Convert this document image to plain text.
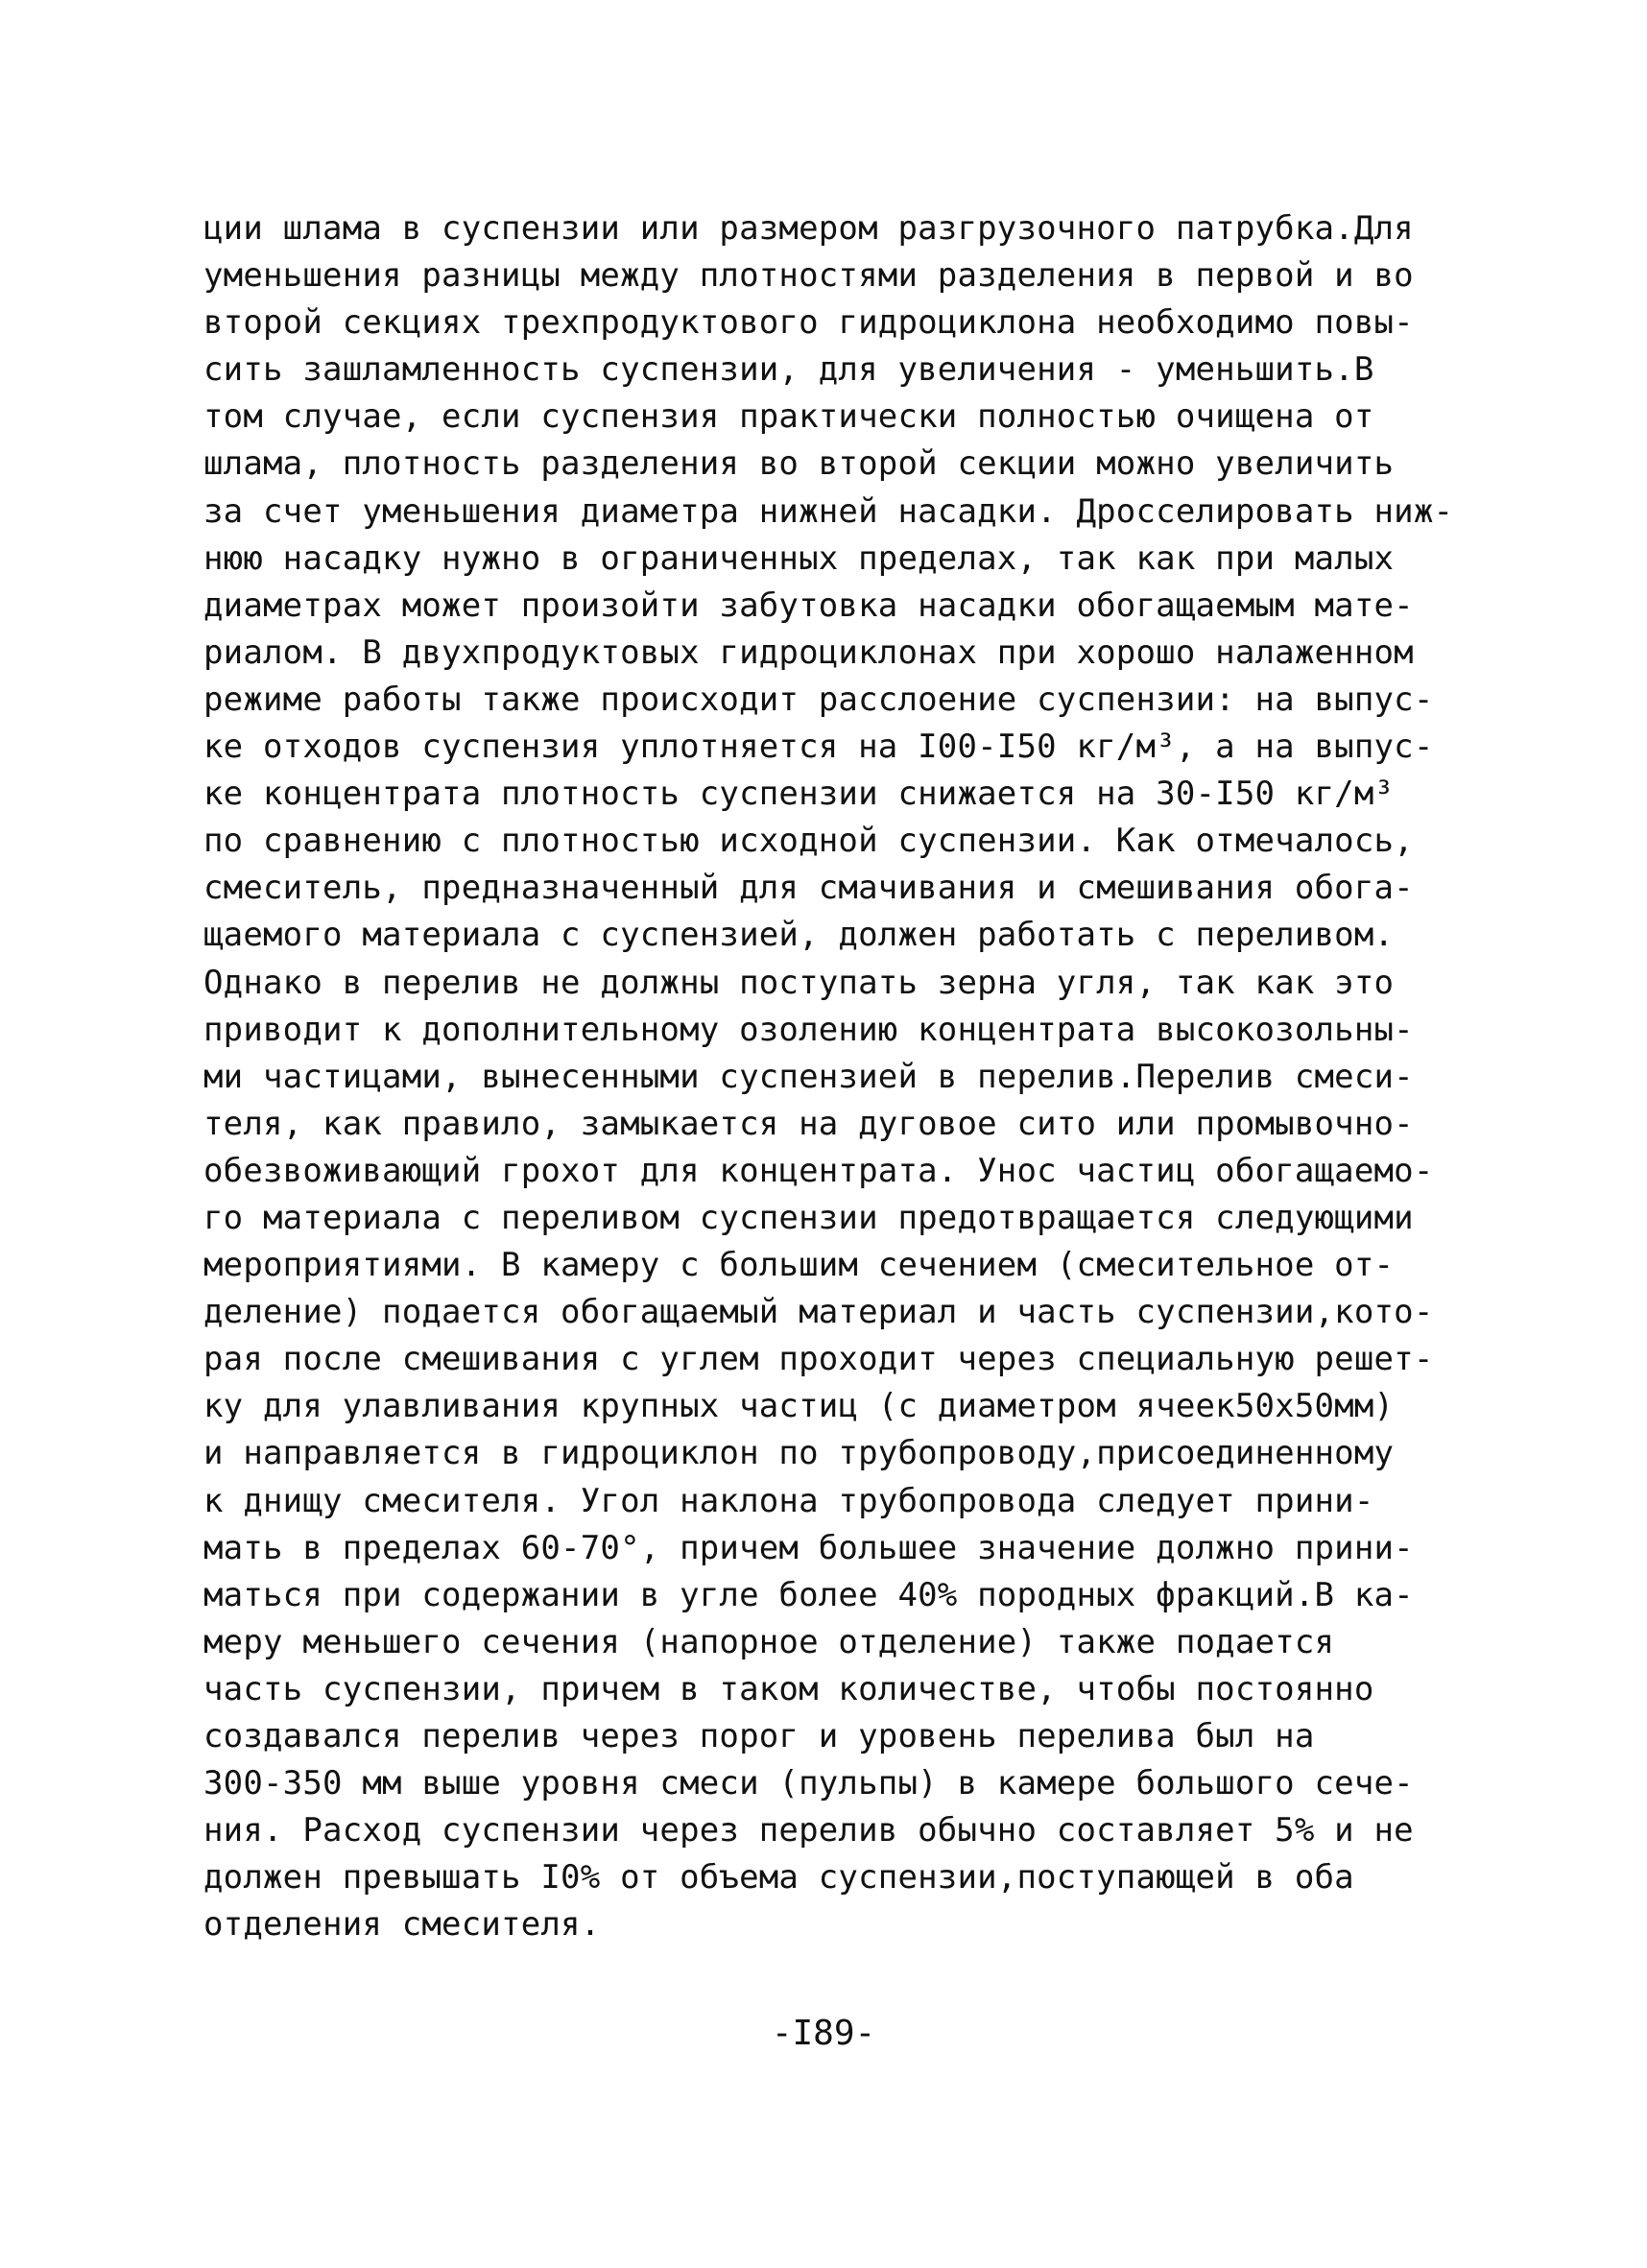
ции шлама в суспензии или размером разгрузочного патрубка.Для
уменьшения разницы между плотностями разделения в первой и во
второй секциях трехпродуктового гидроциклона необходимо повы-
сить зашламленность суспензии, для увеличения - уменьшить.В
том случае, если суспензия практически полностью очищена от
шлама, плотность разделения во второй секции можно увеличить
за счет уменьшения диаметра нижней насадки. Дросселировать ниж-
нюю насадку нужно в ограниченных пределах, так как при малых
диаметрах может произойти забутовка насадки обогащаемым мате-
риалом. В двухпродуктовых гидроциклонах при хорошо налаженном
режиме работы также происходит расслоение суспензии: на выпус-
ке отходов суспензия уплотняется на I00-I50 кг/м³, а на выпус-
ке концентрата плотность суспензии снижается на 30-I50 кг/м³
по сравнению с плотностью исходной суспензии. Как отмечалось,
смеситель, предназначенный для смачивания и смешивания обога-
щаемого материала с суспензией, должен работать с переливом.
Однако в перелив не должны поступать зерна угля, так как это
приводит к дополнительному озолению концентрата высокозольны-
ми частицами, вынесенными суспензией в перелив.Перелив смеси-
теля, как правило, замыкается на дуговое сито или промывочно-
обезвоживающий грохот для концентрата. Унос частиц обогащаемо-
го материала с переливом суспензии предотвращается следующими
мероприятиями. В камеру с большим сечением (смесительное от-
деление) подается обогащаемый материал и часть суспензии,кото-
рая после смешивания с углем проходит через специальную решет-
ку для улавливания крупных частиц (с диаметром ячеек50х50мм)
и направляется в гидроциклон по трубопроводу,присоединенному
к днищу смесителя. Угол наклона трубопровода следует прини-
мать в пределах 60-70°, причем большее значение должно прини-
маться при содержании в угле более 40% породных фракций.В ка-
меру меньшего сечения (напорное отделение) также подается
часть суспензии, причем в таком количестве, чтобы постоянно
создавался перелив через порог и уровень перелива был на
300-350 мм выше уровня смеси (пульпы) в камере большого сече-
ния. Расход суспензии через перелив обычно составляет 5% и не
должен превышать I0% от объема суспензии,поступающей в оба
отделения смесителя.
-I89-
